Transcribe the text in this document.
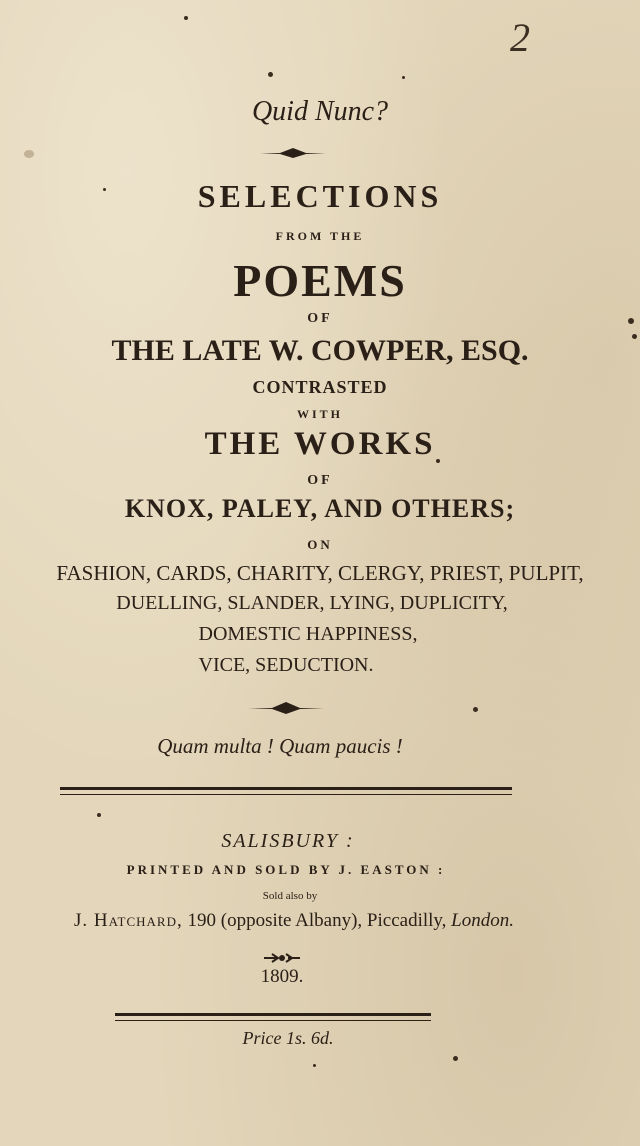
2
Quid Nunc?
SELECTIONS
FROM THE
POEMS
OF
THE LATE W. COWPER, ESQ.
CONTRASTED
WITH
THE WORKS
OF
KNOX, PALEY, AND OTHERS;
ON
FASHION, CARDS, CHARITY, CLERGY, PRIEST, PULPIT,
DUELLING, SLANDER, LYING, DUPLICITY,
DOMESTIC HAPPINESS,
VICE, SEDUCTION.
Quam multa ! Quam paucis !
SALISBURY :
PRINTED AND SOLD BY J. EASTON :
Sold also by
J. Hatchard, 190 (opposite Albany), Piccadilly, London.
1809.
Price 1s. 6d.
